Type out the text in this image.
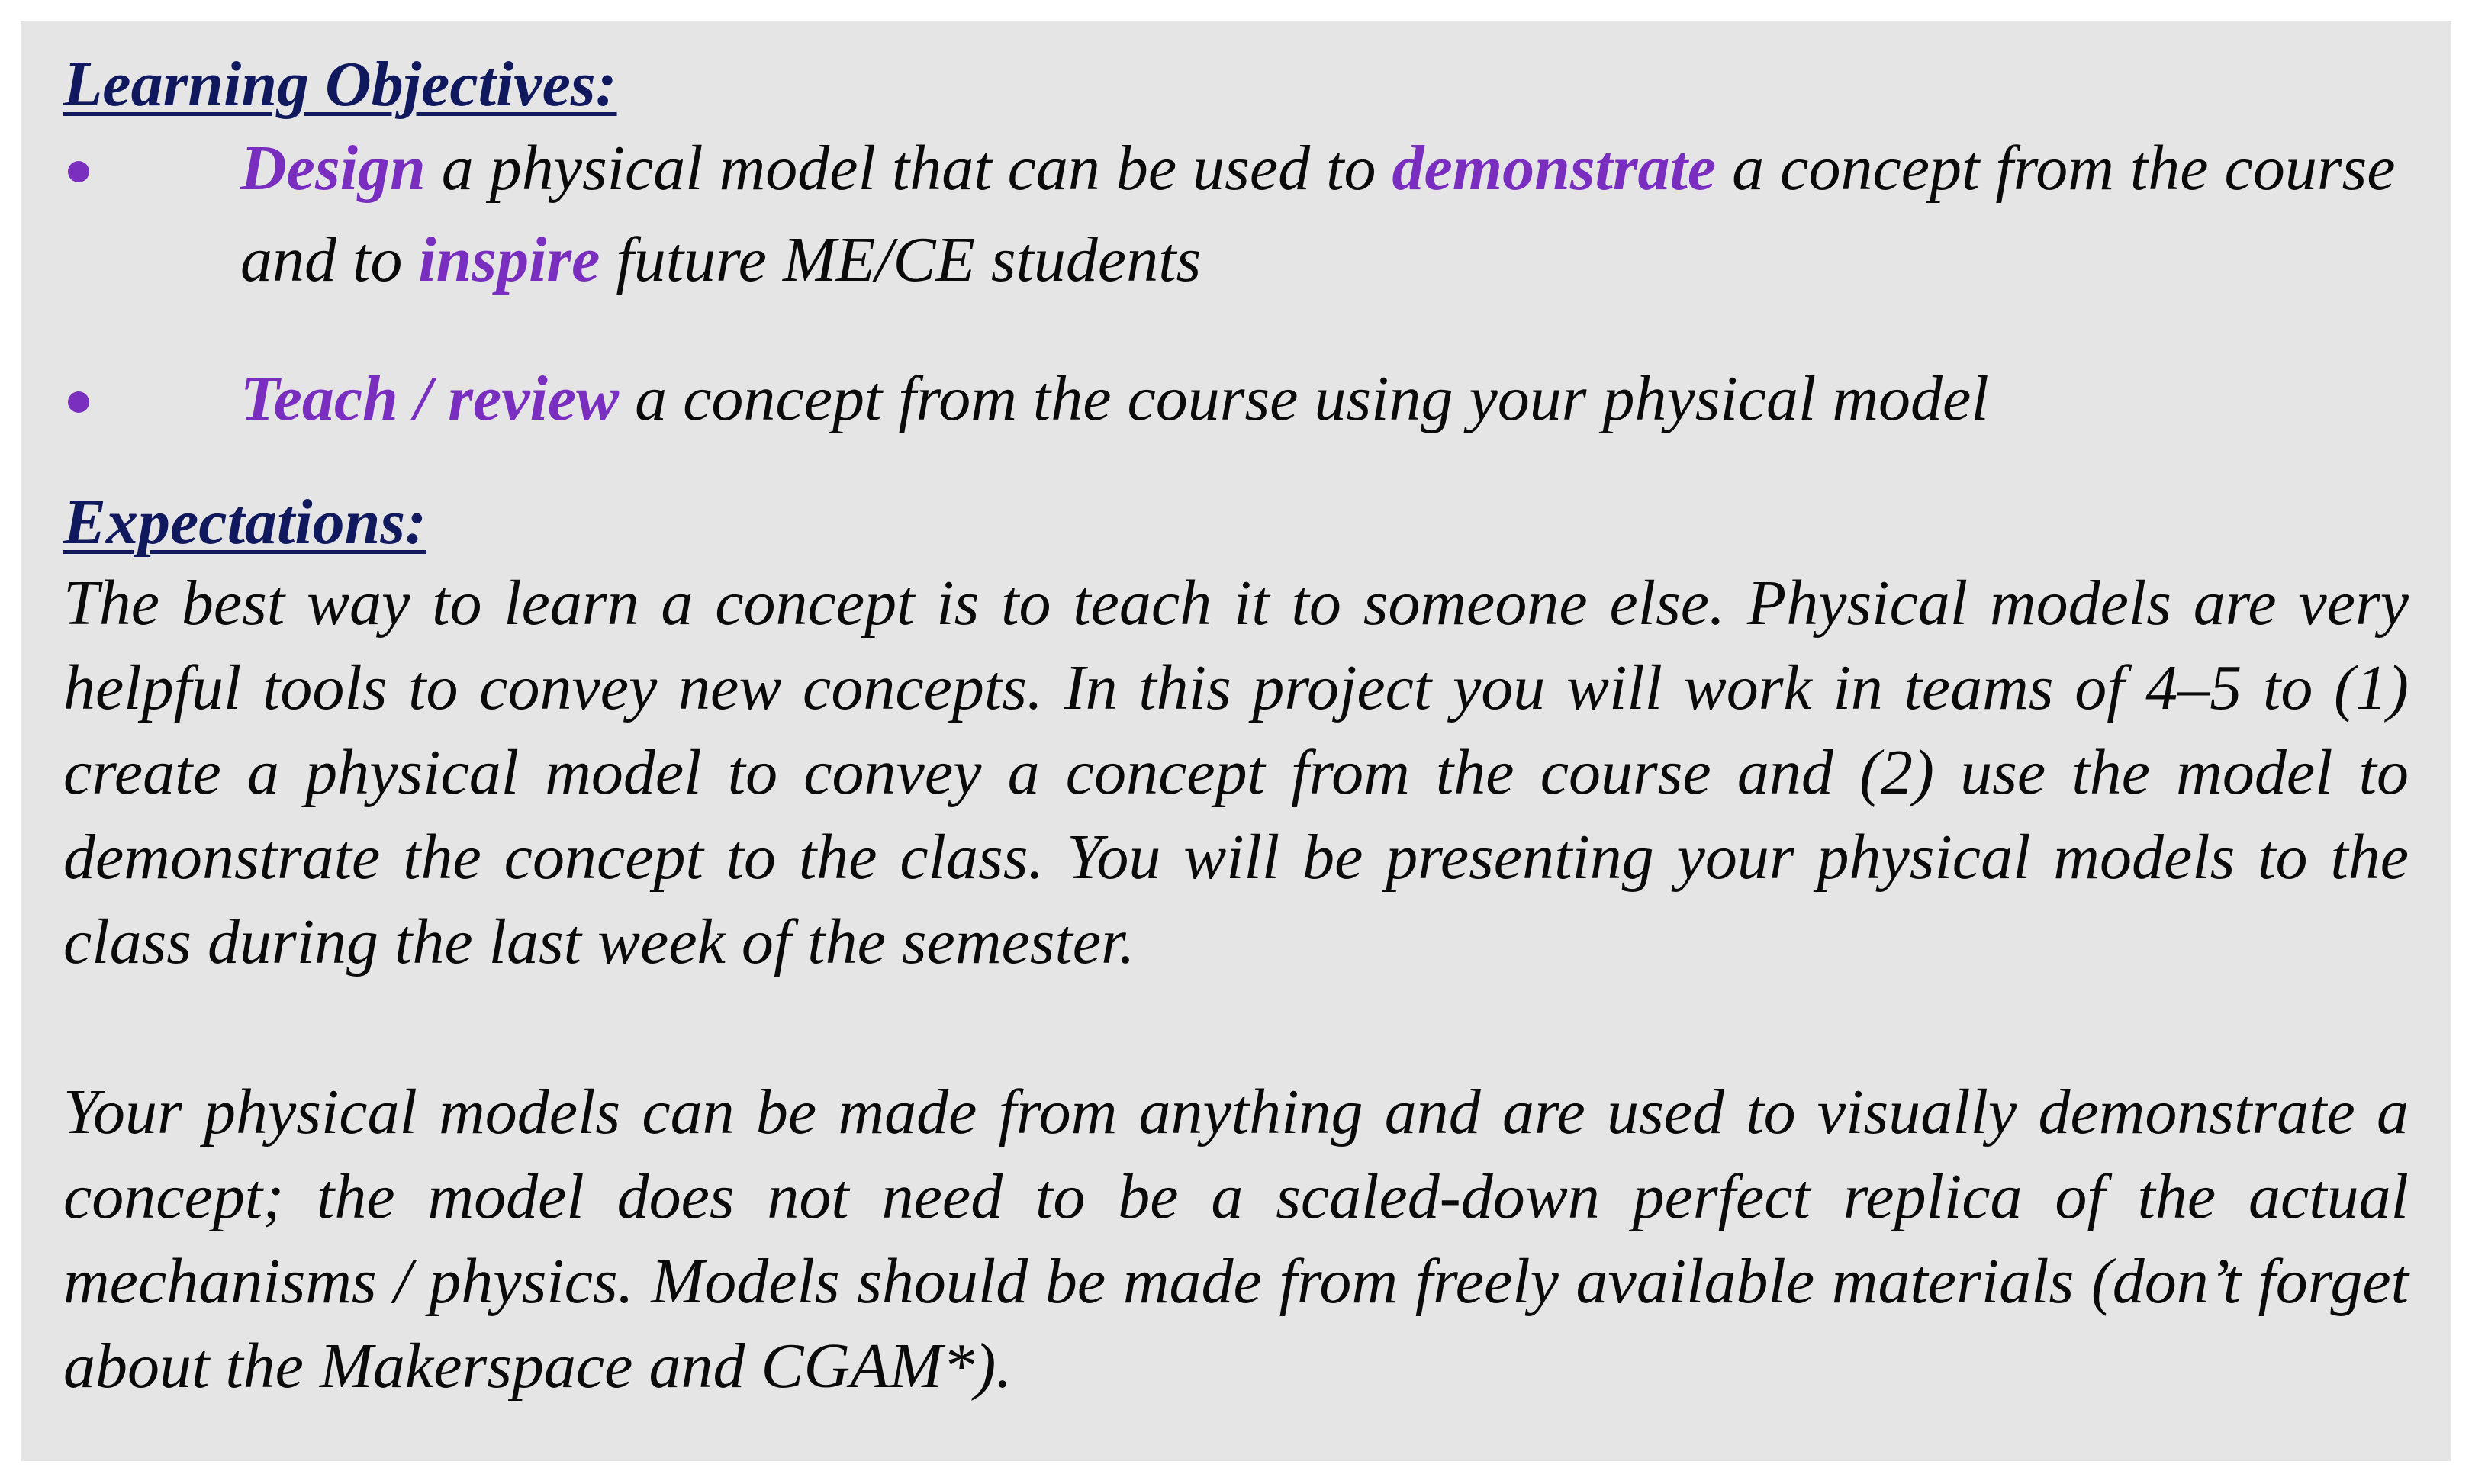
Learning Objectives:
Design a physical model that can be used to demonstrate a concept from the course and to inspire future ME/CE students
Teach / review a concept from the course using your physical model
Expectations:

The best way to learn a concept is to teach it to someone else. Physical models are very helpful tools to convey new concepts. In this project you will work in teams of 4–5 to (1) create a physical model to convey a concept from the course and (2) use the model to demonstrate the concept to the class. You will be presenting your physical models to the class during the last week of the semester.

Your physical models can be made from anything and are used to visually demonstrate a concept; the model does not need to be a scaled-down perfect replica of the actual mechanisms / physics. Models should be made from freely available materials (don’t forget about the Makerspace and CGAM*).
